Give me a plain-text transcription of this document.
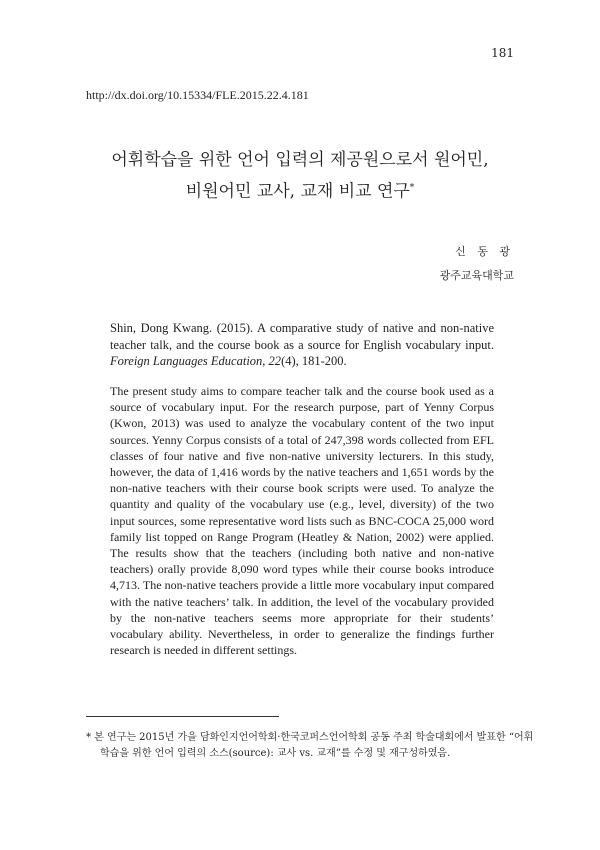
181
http://dx.doi.org/10.15334/FLE.2015.22.4.181
어휘학습을 위한 언어 입력의 제공원으로서 원어민,
비원어민 교사, 교재 비교 연구*
신 동 광
광주교육대학교
Shin, Dong Kwang. (2015). A comparative study of native and non-native teacher talk, and the course book as a source for English vocabulary input. Foreign Languages Education, 22(4), 181-200.

The present study aims to compare teacher talk and the course book used as a source of vocabulary input. For the research purpose, part of Yenny Corpus (Kwon, 2013) was used to analyze the vocabulary content of the two input sources. Yenny Corpus consists of a total of 247,398 words collected from EFL classes of four native and five non-native university lecturers. In this study, however, the data of 1,416 words by the native teachers and 1,651 words by the non-native teachers with their course book scripts were used. To analyze the quantity and quality of the vocabulary use (e.g., level, diversity) of the two input sources, some representative word lists such as BNC-COCA 25,000 word family list topped on Range Program (Heatley & Nation, 2002) were applied. The results show that the teachers (including both native and non-native teachers) orally provide 8,090 word types while their course books introduce 4,713. The non-native teachers provide a little more vocabulary input compared with the native teachers’ talk. In addition, the level of the vocabulary provided by the non-native teachers seems more appropriate for their students’ vocabulary ability. Nevertheless, in order to generalize the findings further research is needed in different settings.

* 본 연구는 2015년 가을 담화인지언어학회·한국코퍼스언어학회 공동 주최 학술대회에서 발표한 “어휘학습을 위한 언어 입력의 소스(source): 교사 vs. 교재”를 수정 및 재구성하였음.
